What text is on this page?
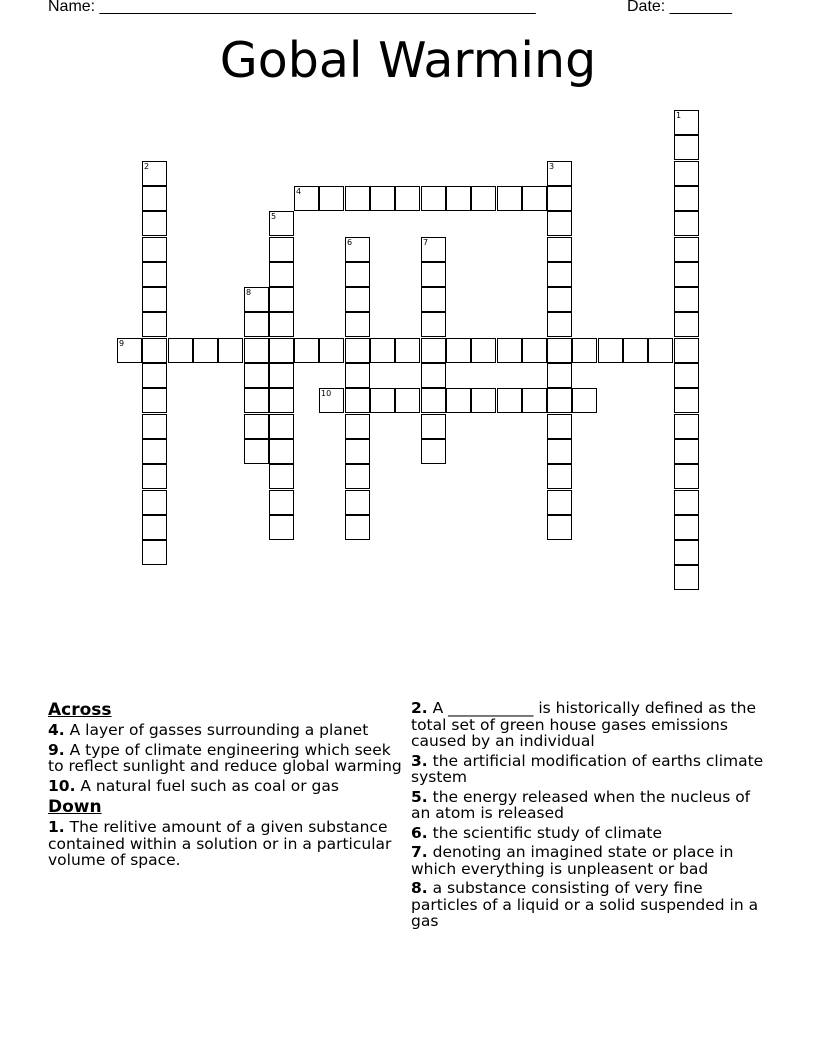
Name: _________________________________________________	Date: _______
Gobal Warming
1
2	3
4
5
6	7
8
9
10
Across
4. A layer of gasses surrounding a planet
9. A type of climate engineering which seek to reflect sunlight and reduce global warming
10. A natural fuel such as coal or gas
Down
1. The relitive amount of a given substance contained within a solution or in a particular volume of space.
2. A ___________ is historically defined as the total set of green house gases emissions caused by an individual
3. the artificial modification of earths climate system
5. the energy released when the nucleus of an atom is released
6. the scientific study of climate
7. denoting an imagined state or place in which everything is unpleasent or bad
8. a substance consisting of very fine particles of a liquid or a solid suspended in a gas
